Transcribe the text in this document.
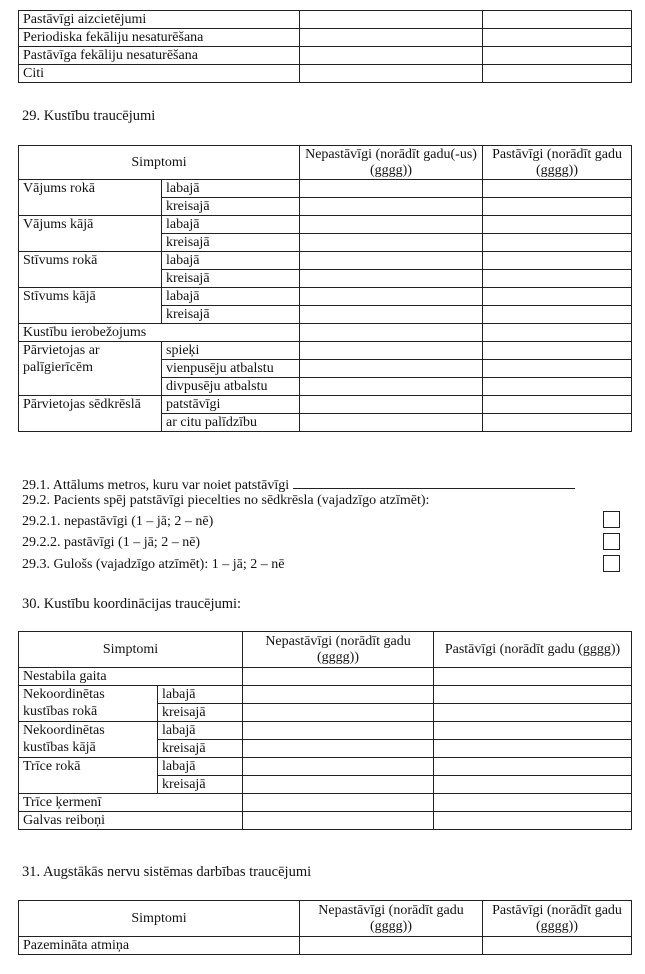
Pastāvīgi aizcietējumi		
Periodiska fekāliju nesaturēšana		
Pastāvīga fekāliju nesaturēšana		
Citi		
29. Kustību traucējumi
Simptomi		Nepastāvīgi (norādīt gadu(-us) (gggg))	Pastāvīgi (norādīt gadu (gggg))
Vājums rokā	labajā		
	kreisajā		
Vājums kājā	labajā		
	kreisajā		
Stīvums rokā	labajā		
	kreisajā		
Stīvums kājā	labajā		
	kreisajā		
Kustību ierobežojums			
Pārvietojas ar palīgierīcēm	spieķi		
	vienpusēju atbalstu		
	divpusēju atbalstu		
Pārvietojas sēdkrēslā	patstāvīgi		
	ar citu palīdzību		
29.1. Attālums metros, kuru var noiet patstāvīgi
29.2. Pacients spēj patstāvīgi piecelties no sēdkrēsla (vajadzīgo atzīmēt):
29.2.1. nepastāvīgi (1 – jā; 2 – nē)
29.2.2. pastāvīgi (1 – jā; 2 – nē)
29.3. Gulošs (vajadzīgo atzīmēt): 1 – jā; 2 – nē
30. Kustību koordinācijas traucējumi:
Simptomi		Nepastāvīgi (norādīt gadu (gggg))	Pastāvīgi (norādīt gadu (gggg))
Nestabila gaita			
Nekoordinētas kustības rokā	labajā		
	kreisajā		
Nekoordinētas kustības kājā	labajā		
	kreisajā		
Trīce rokā	labajā		
	kreisajā		
Trīce ķermenī			
Galvas reiboņi			
31. Augstākās nervu sistēmas darbības traucējumi
Simptomi	Nepastāvīgi (norādīt gadu (gggg))	Pastāvīgi (norādīt gadu (gggg))
Pazemināta atmiņa		
